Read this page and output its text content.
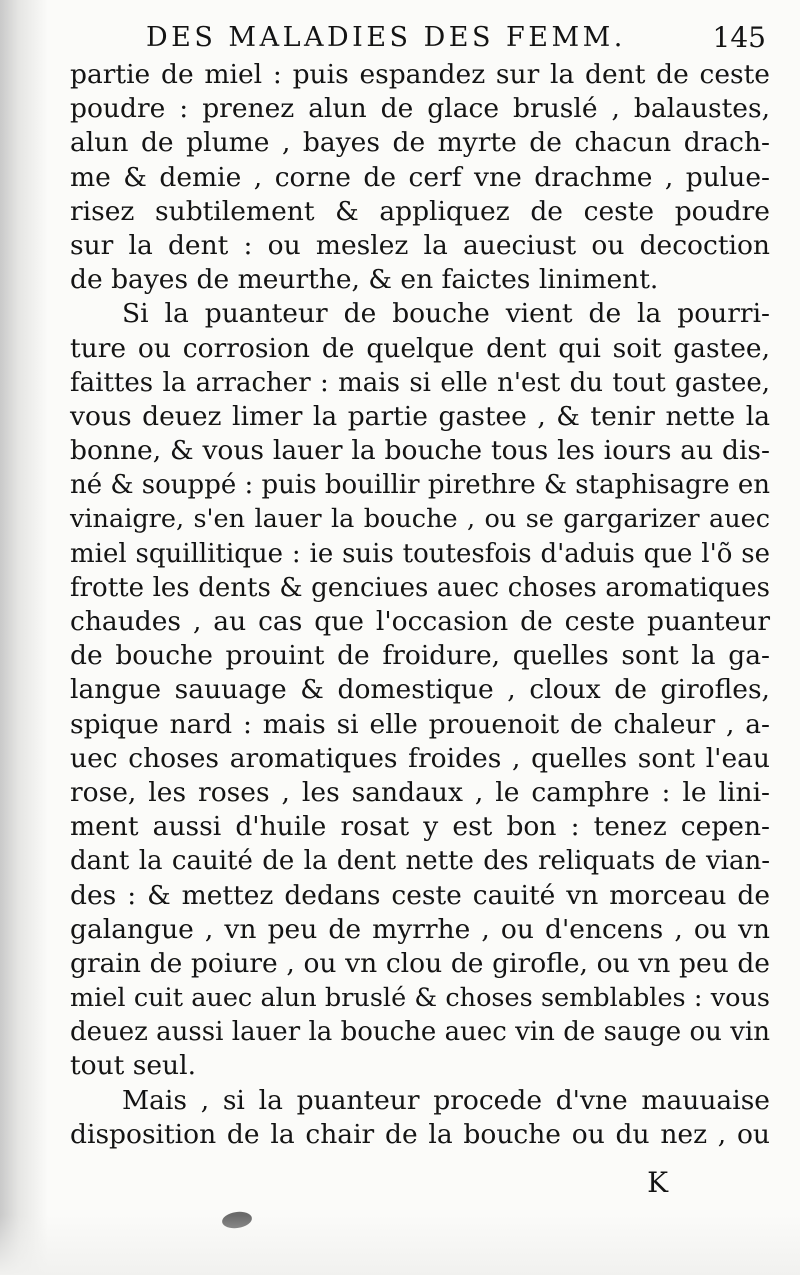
DES MALADIES DES FEMM.	145
partie de miel : puis espandez sur la dent de ceste
poudre : prenez alun de glace bruslé , balaustes,
alun de plume , bayes de myrte de chacun drach-
me & demie , corne de cerf vne drachme , pulue-
risez subtilement & appliquez de ceste poudre
sur la dent : ou meslez la aueciust ou decoction
de bayes de meurthe, & en faictes liniment.
Si la puanteur de bouche vient de la pourri-
ture ou corrosion de quelque dent qui soit gastee,
faittes la arracher : mais si elle n'est du tout gastee,
vous deuez limer la partie gastee , & tenir nette la
bonne, & vous lauer la bouche tous les iours au dis-
né & souppé : puis bouillir pirethre & staphisagre en
vinaigre, s'en lauer la bouche , ou se gargarizer auec
miel squillitique : ie suis toutesfois d'aduis que l'õ se
frotte les dents & genciues auec choses aromatiques
chaudes , au cas que l'occasion de ceste puanteur
de bouche prouint de froidure, quelles sont la ga-
langue sauuage & domestique , cloux de girofles,
spique nard : mais si elle prouenoit de chaleur , a-
uec choses aromatiques froides , quelles sont l'eau
rose, les roses , les sandaux , le camphre : le lini-
ment aussi d'huile rosat y est bon : tenez cepen-
dant la cauité de la dent nette des reliquats de vian-
des : & mettez dedans ceste cauité vn morceau de
galangue , vn peu de myrrhe , ou d'encens , ou vn
grain de poiure , ou vn clou de girofle, ou vn peu de
miel cuit auec alun bruslé & choses semblables : vous
deuez aussi lauer la bouche auec vin de sauge ou vin
tout seul.
Mais , si la puanteur procede d'vne mauuaise
disposition de la chair de la bouche ou du nez , ou
K
